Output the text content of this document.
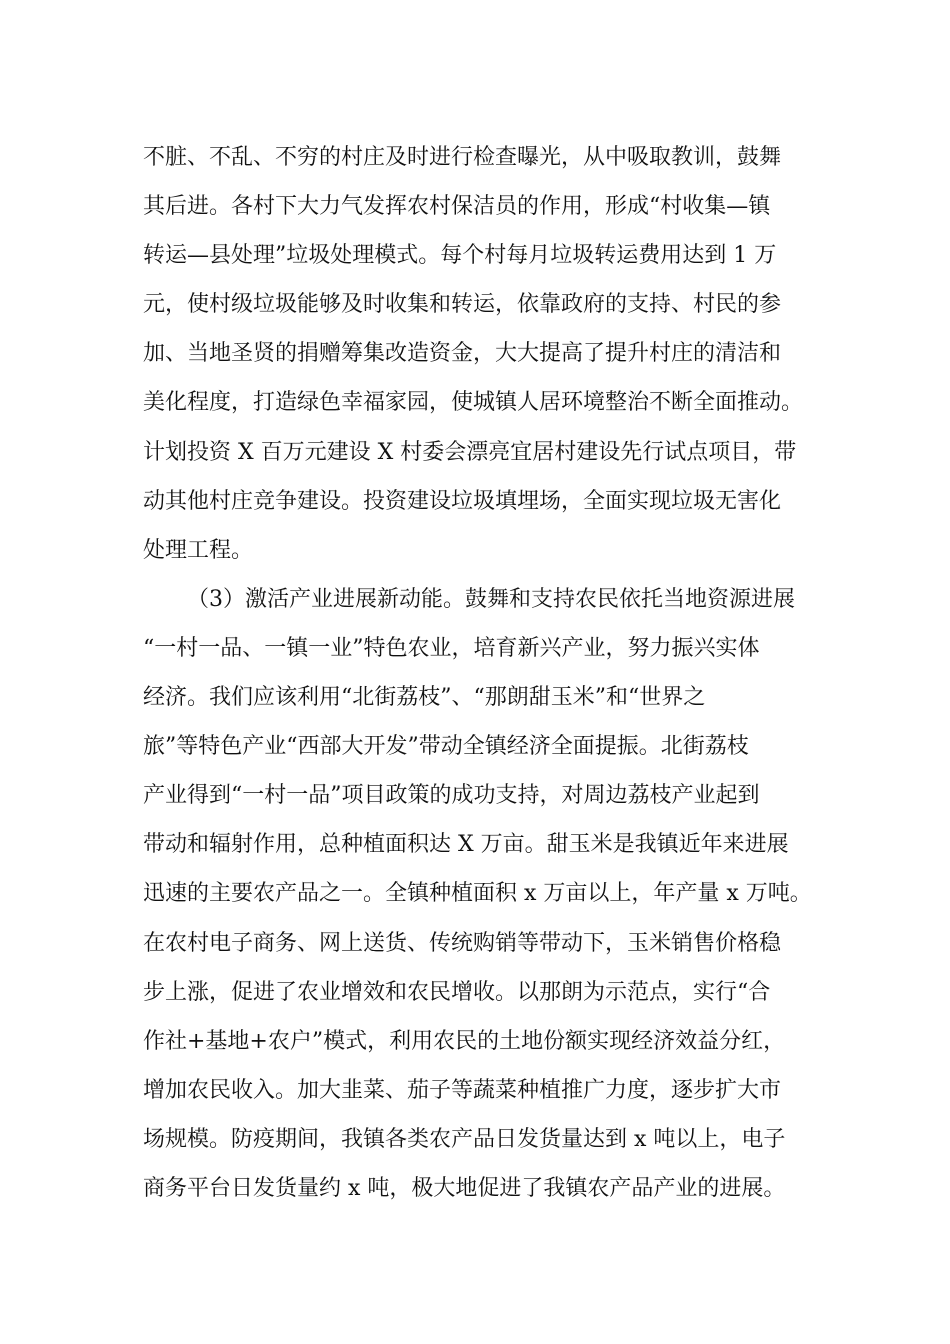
不脏、不乱、不穷的村庄及时进行检查曝光，从中吸取教训，鼓舞
其后进。各村下大力气发挥农村保洁员的作用，形成“村收集—镇
转运—县处理”垃圾处理模式。每个村每月垃圾转运费用达到 1 万
元，使村级垃圾能够及时收集和转运，依靠政府的支持、村民的参
加、当地圣贤的捐赠筹集改造资金，大大提高了提升村庄的清洁和
美化程度，打造绿色幸福家园，使城镇人居环境整治不断全面推动。
计划投资 X 百万元建设 X 村委会漂亮宜居村建设先行试点项目，带
动其他村庄竞争建设。投资建设垃圾填埋场，全面实现垃圾无害化
处理工程。
（3）激活产业进展新动能。鼓舞和支持农民依托当地资源进展
“一村一品、一镇一业”特色农业，培育新兴产业，努力振兴实体
经济。我们应该利用“北街荔枝”、“那朗甜玉米”和“世界之
旅”等特色产业“西部大开发”带动全镇经济全面提振。北街荔枝
产业得到“一村一品”项目政策的成功支持，对周边荔枝产业起到
带动和辐射作用，总种植面积达 X 万亩。甜玉米是我镇近年来进展
迅速的主要农产品之一。全镇种植面积 x 万亩以上，年产量 x 万吨。
在农村电子商务、网上送货、传统购销等带动下，玉米销售价格稳
步上涨，促进了农业增效和农民增收。以那朗为示范点，实行“合
作社+基地+农户”模式，利用农民的土地份额实现经济效益分红，
增加农民收入。加大韭菜、茄子等蔬菜种植推广力度，逐步扩大市
场规模。防疫期间，我镇各类农产品日发货量达到 x 吨以上，电子
商务平台日发货量约 x 吨，极大地促进了我镇农产品产业的进展。
